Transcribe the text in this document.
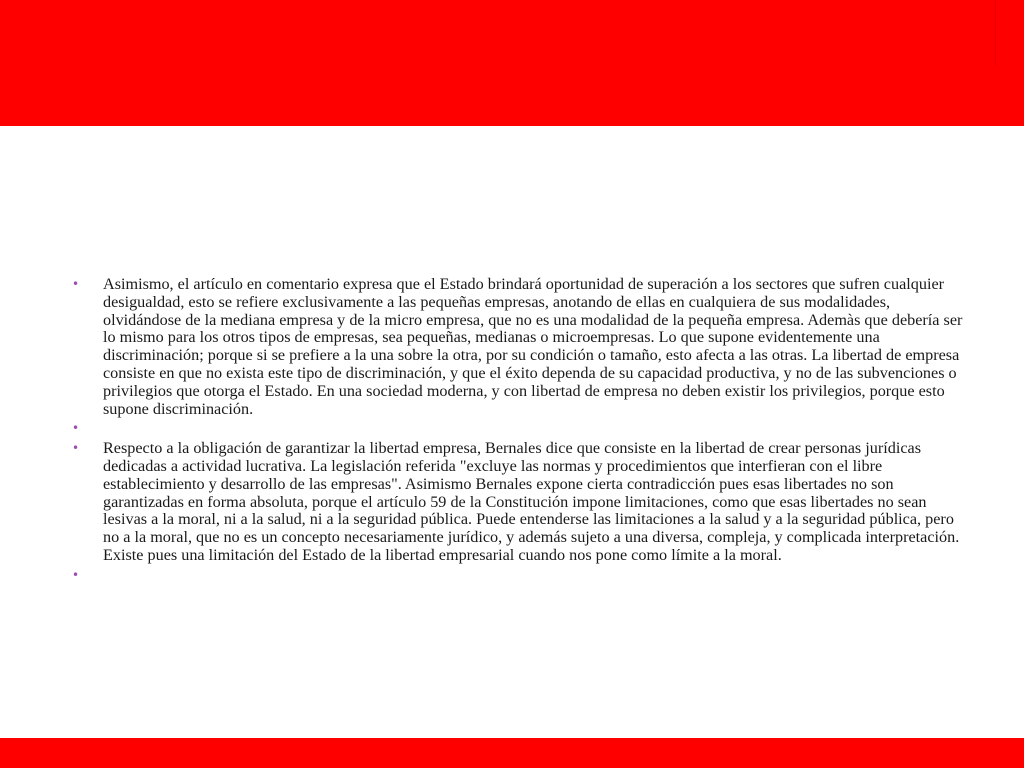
• Asimismo, el artículo en comentario expresa que el Estado brindará oportunidad de superación a los sectores que sufren cualquier desigualdad, esto se refiere exclusivamente a las pequeñas empresas, anotando de ellas en cualquiera de sus modalidades, olvidándose de la mediana empresa y de la micro empresa, que no es una modalidad de la pequeña empresa. Ademàs que debería ser lo mismo para los otros tipos de empresas, sea pequeñas, medianas o microempresas. Lo que supone evidentemente una discriminación; porque si se prefiere a la una sobre la otra, por su condición o tamaño, esto afecta a las otras. La libertad de empresa consiste en que no exista este tipo de discriminación, y que el éxito dependa de su capacidad productiva, y no de las subvenciones o privilegios que otorga el Estado. En una sociedad moderna, y con libertad de empresa no deben existir los privilegios, porque esto supone discriminación.
•
• Respecto a la obligación de garantizar la libertad empresa, Bernales dice que consiste en la libertad de crear personas jurídicas dedicadas a actividad lucrativa. La legislación referida "excluye las normas y procedimientos que interfieran con el libre establecimiento y desarrollo de las empresas". Asimismo Bernales expone cierta contradicción pues esas libertades no son garantizadas en forma absoluta, porque el artículo 59 de la Constitución impone limitaciones, como que esas libertades no sean lesivas a la moral, ni a la salud, ni a la seguridad pública. Puede entenderse las limitaciones a la salud y a la seguridad pública, pero no a la moral, que no es un concepto necesariamente jurídico, y además sujeto a una diversa, compleja, y complicada interpretación. Existe pues una limitación del Estado de la libertad empresarial cuando nos pone como límite a la moral.
•
